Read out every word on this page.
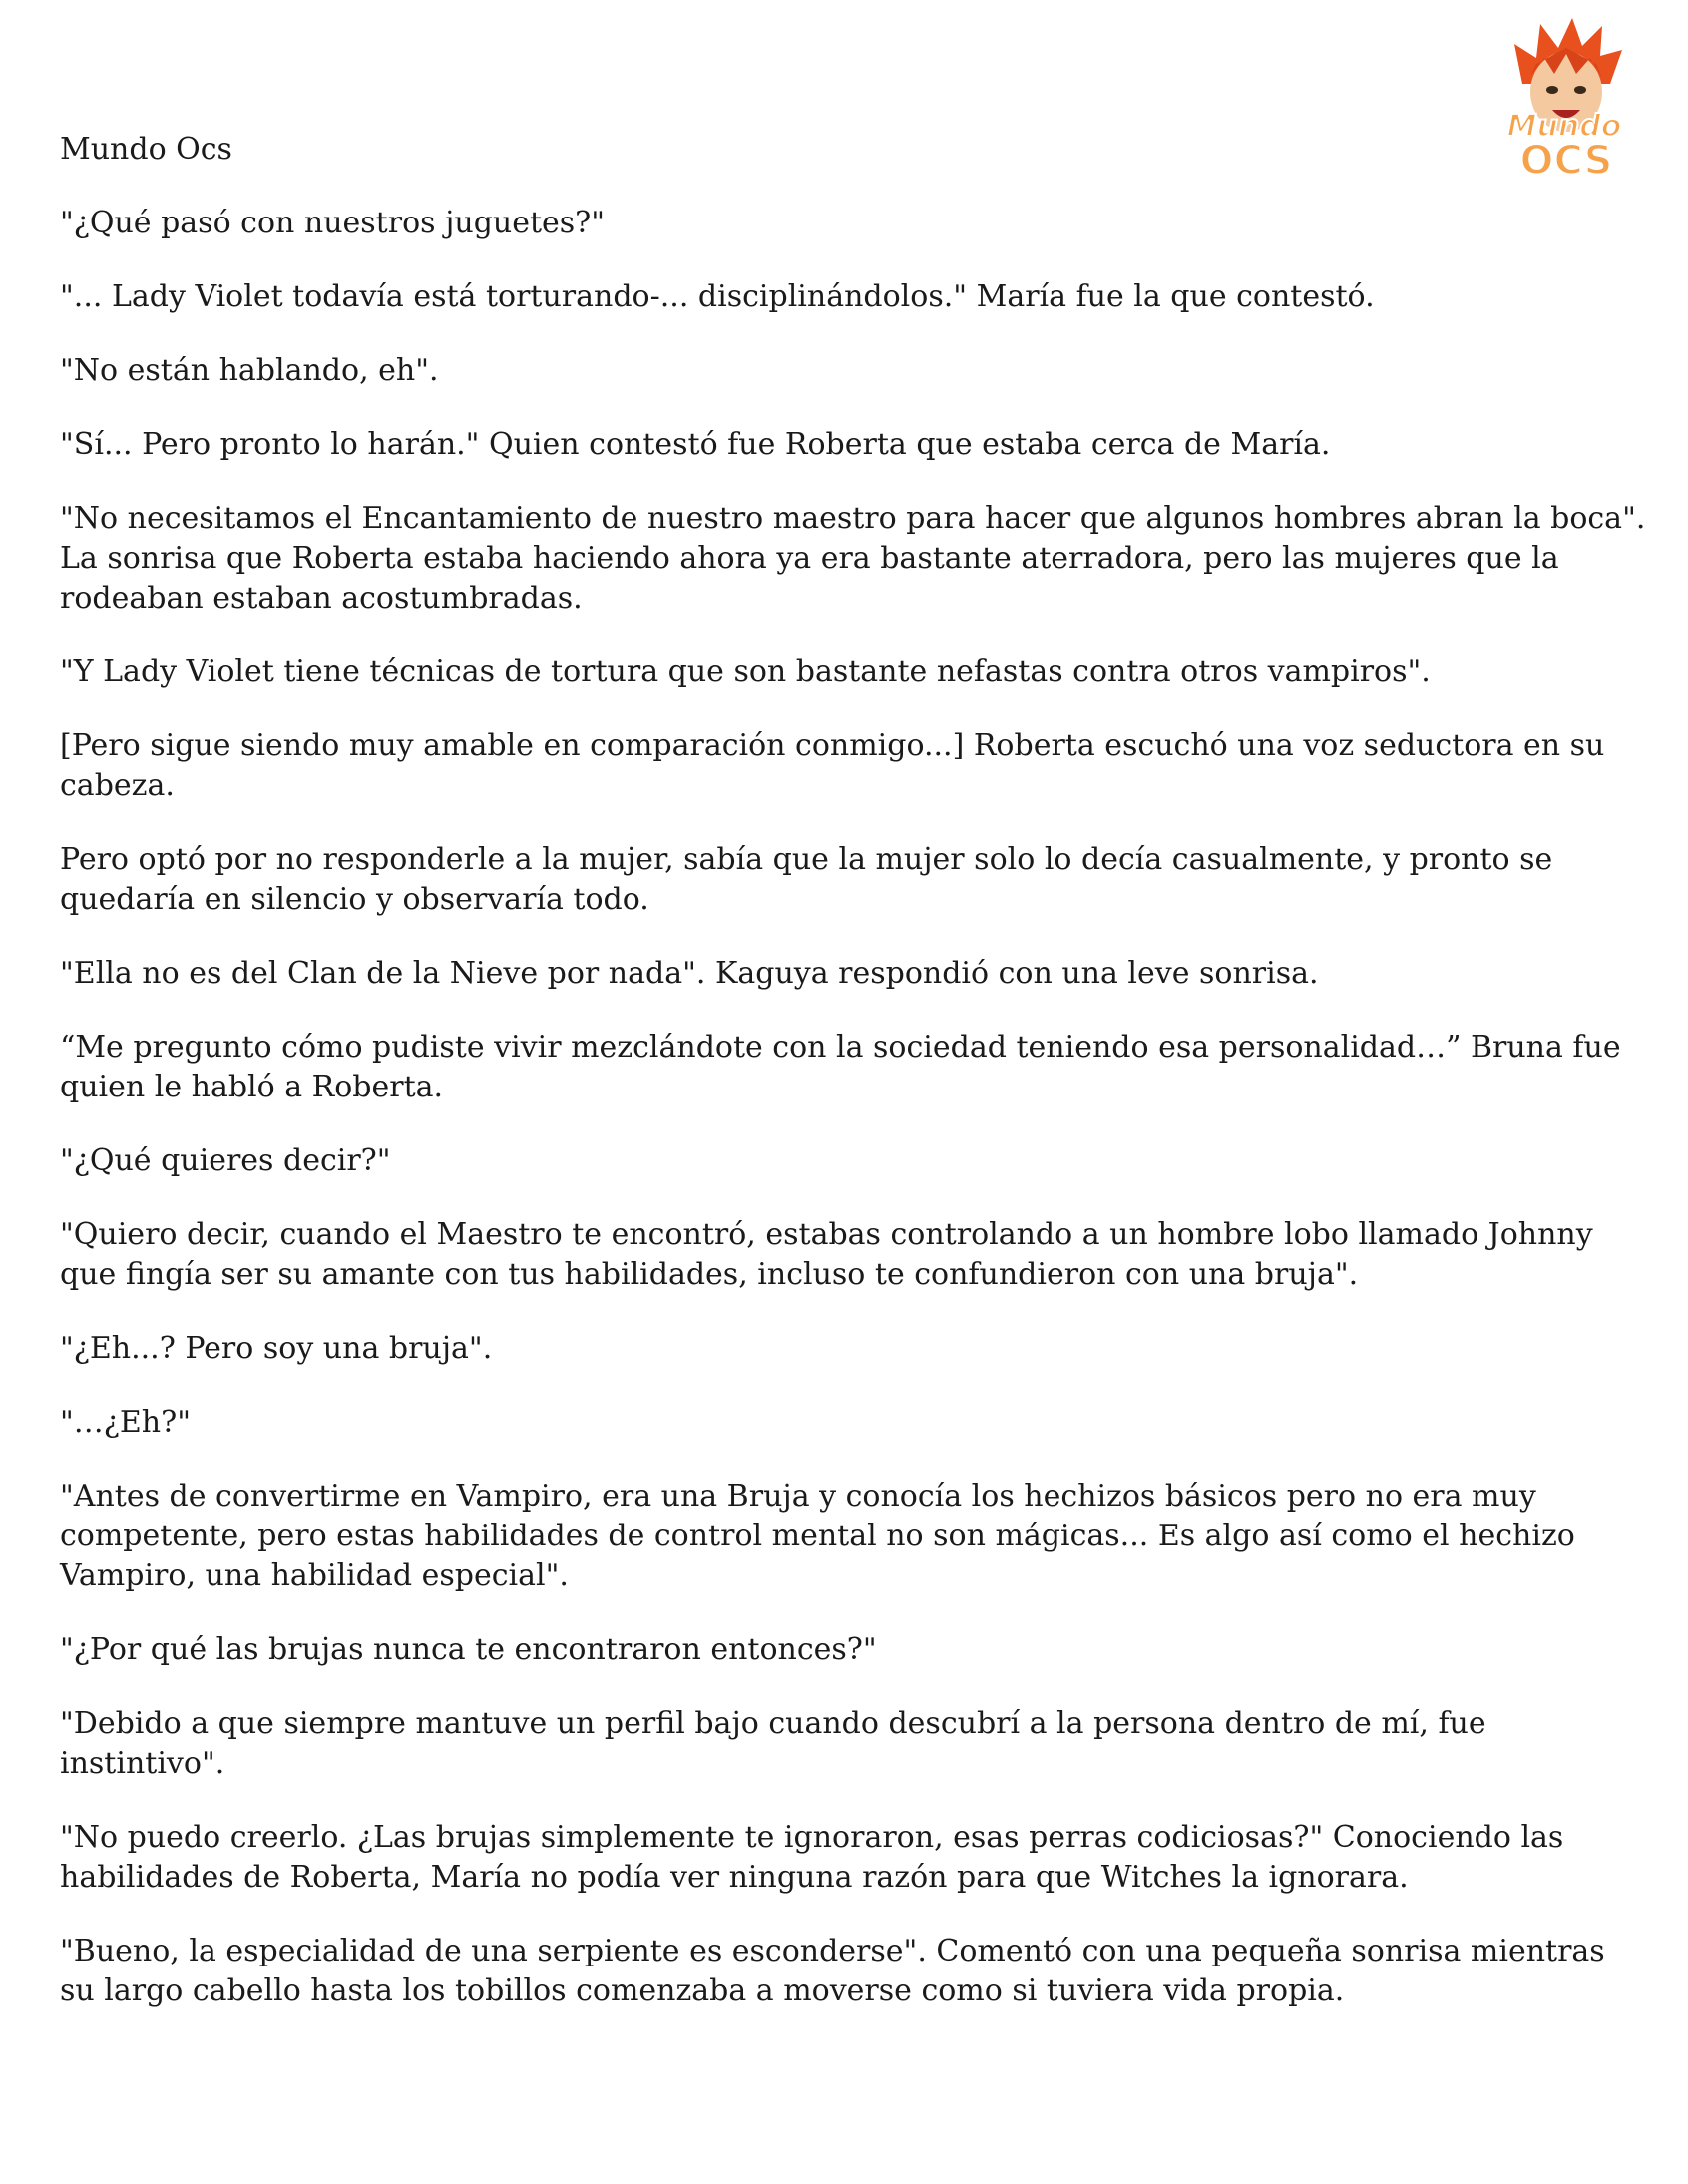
Mundo
OCS

Mundo Ocs

"¿Qué pasó con nuestros juguetes?"

"... Lady Violet todavía está torturando-... disciplinándolos." María fue la que contestó.

"No están hablando, eh".

"Sí... Pero pronto lo harán." Quien contestó fue Roberta que estaba cerca de María.

"No necesitamos el Encantamiento de nuestro maestro para hacer que algunos hombres abran la boca". La sonrisa que Roberta estaba haciendo ahora ya era bastante aterradora, pero las mujeres que la rodeaban estaban acostumbradas.

"Y Lady Violet tiene técnicas de tortura que son bastante nefastas contra otros vampiros".

[Pero sigue siendo muy amable en comparación conmigo...] Roberta escuchó una voz seductora en su cabeza.

Pero optó por no responderle a la mujer, sabía que la mujer solo lo decía casualmente, y pronto se quedaría en silencio y observaría todo.

"Ella no es del Clan de la Nieve por nada". Kaguya respondió con una leve sonrisa.

“Me pregunto cómo pudiste vivir mezclándote con la sociedad teniendo esa personalidad…” Bruna fue quien le habló a Roberta.

"¿Qué quieres decir?"

"Quiero decir, cuando el Maestro te encontró, estabas controlando a un hombre lobo llamado Johnny que fingía ser su amante con tus habilidades, incluso te confundieron con una bruja".

"¿Eh...? Pero soy una bruja".

"…¿Eh?"

"Antes de convertirme en Vampiro, era una Bruja y conocía los hechizos básicos pero no era muy competente, pero estas habilidades de control mental no son mágicas... Es algo así como el hechizo Vampiro, una habilidad especial".

"¿Por qué las brujas nunca te encontraron entonces?"

"Debido a que siempre mantuve un perfil bajo cuando descubrí a la persona dentro de mí, fue instintivo".

"No puedo creerlo. ¿Las brujas simplemente te ignoraron, esas perras codiciosas?" Conociendo las habilidades de Roberta, María no podía ver ninguna razón para que Witches la ignorara.

"Bueno, la especialidad de una serpiente es esconderse". Comentó con una pequeña sonrisa mientras su largo cabello hasta los tobillos comenzaba a moverse como si tuviera vida propia.
